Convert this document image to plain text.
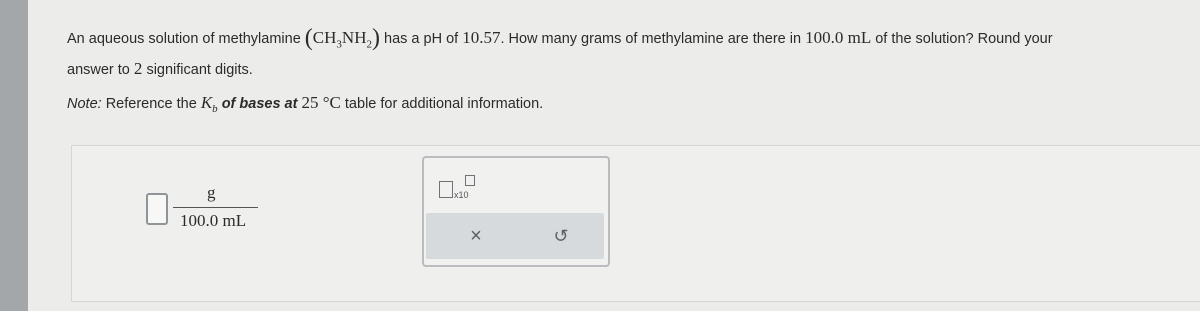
An aqueous solution of methylamine $(CH_3NH_2)$ has a pH of 10.57. How many grams of methylamine are there in 100.0 mL of the solution? Round your
answer to 2 significant digits.
Note: Reference the $K_b$ of bases at 25 °C table for additional information.
g
100.0 mL
x10
×	↺
